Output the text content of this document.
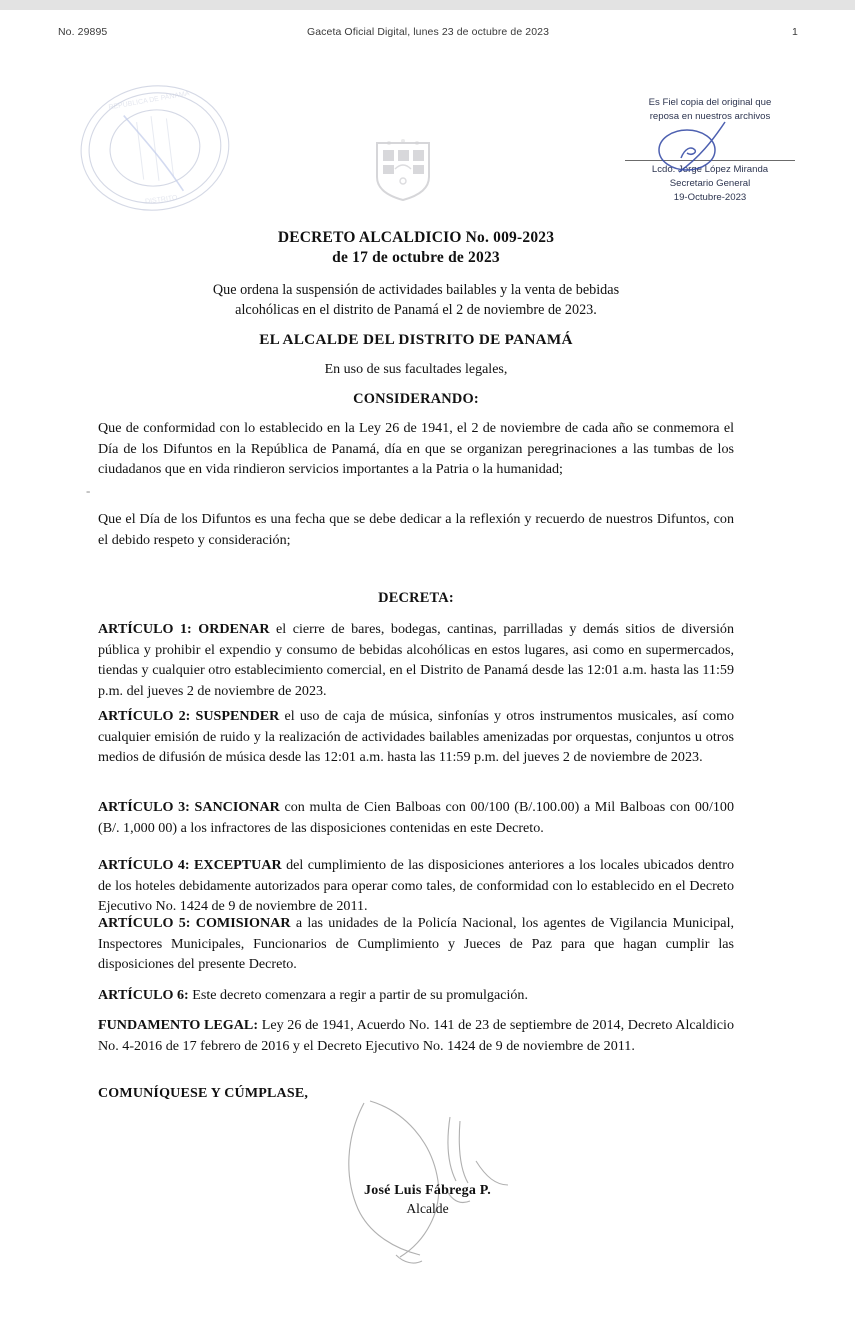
Gaceta Oficial Digital, lunes 23 de octubre de 2023
No. 29895	1
REPUBLICA DE PANAMA
DISTRITO
Es Fiel copia del original que
reposa en nuestros archivos
Lcdo. Jorge López Miranda
Secretario General
19-Octubre-2023
DECRETO ALCALDICIO No. 009-2023
de 17 de octubre de 2023
Que ordena la suspensión de actividades bailables y la venta de bebidas
alcohólicas en el distrito de Panamá el 2 de noviembre de 2023.
EL ALCALDE DEL DISTRITO DE PANAMÁ
En uso de sus facultades legales,
CONSIDERANDO:
Que de conformidad con lo establecido en la Ley 26 de 1941, el 2 de noviembre de cada año se conmemora el Día de los Difuntos en la República de Panamá, día en que se organizan peregrinaciones a las tumbas de los ciudadanos que en vida rindieron servicios importantes a la Patria o la humanidad;
-
Que el Día de los Difuntos es una fecha que se debe dedicar a la reflexión y recuerdo de nuestros Difuntos, con el debido respeto y consideración;
DECRETA:
ARTÍCULO 1: ORDENAR el cierre de bares, bodegas, cantinas, parrilladas y demás sitios de diversión pública y prohibir el expendio y consumo de bebidas alcohólicas en estos lugares, asi como en supermercados, tiendas y cualquier otro establecimiento comercial, en el Distrito de Panamá desde las 12:01 a.m. hasta las 11:59 p.m. del jueves 2 de noviembre de 2023.
ARTÍCULO 2: SUSPENDER el uso de caja de música, sinfonías y otros instrumentos musicales, así como cualquier emisión de ruido y la realización de actividades bailables amenizadas por orquestas, conjuntos u otros medios de difusión de música desde las 12:01 a.m. hasta las 11:59 p.m. del jueves 2 de noviembre de 2023.
ARTÍCULO 3: SANCIONAR con multa de Cien Balboas con 00/100 (B/.100.00) a Mil Balboas con 00/100 (B/. 1,000 00) a los infractores de las disposiciones contenidas en este Decreto.
ARTÍCULO 4: EXCEPTUAR del cumplimiento de las disposiciones anteriores a los locales ubicados dentro de los hoteles debidamente autorizados para operar como tales, de conformidad con lo establecido en el Decreto Ejecutivo No. 1424 de 9 de noviembre de 2011.
ARTÍCULO 5: COMISIONAR a las unidades de la Policía Nacional, los agentes de Vigilancia Municipal, Inspectores Municipales, Funcionarios de Cumplimiento y Jueces de Paz para que hagan cumplir las disposiciones del presente Decreto.
ARTÍCULO 6: Este decreto comenzara a regir a partir de su promulgación.
FUNDAMENTO LEGAL: Ley 26 de 1941, Acuerdo No. 141 de 23 de septiembre de 2014, Decreto Alcaldicio No. 4-2016 de 17 febrero de 2016 y el Decreto Ejecutivo No. 1424 de 9 de noviembre de 2011.
COMUNÍQUESE Y CÚMPLASE,
José Luis Fábrega P.
Alcalde
